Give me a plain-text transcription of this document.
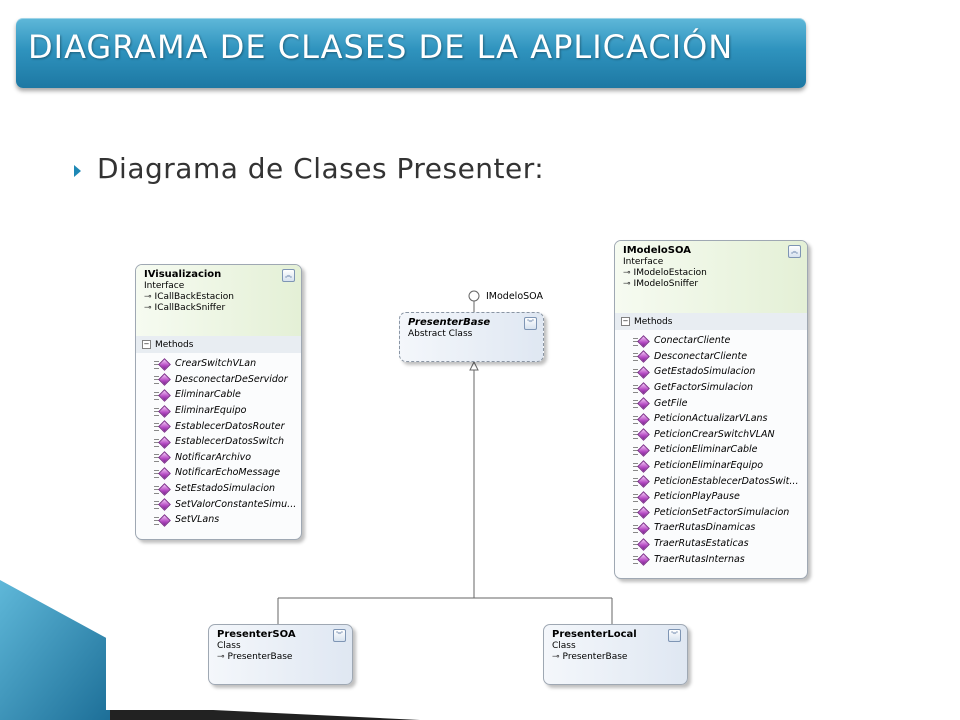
DIAGRAMA DE CLASES DE LA APLICACIÓN
Diagrama de Clases Presenter:
IModeloSOA
IVisualizacion
Interface
⊸ ICallBackEstacion
⊸ ICallBackSniffer
︽
− Methods
CrearSwitchVLan
DesconectarDeServidor
EliminarCable
EliminarEquipo
EstablecerDatosRouter
EstablecerDatosSwitch
NotificarArchivo
NotificarEchoMessage
SetEstadoSimulacion
SetValorConstanteSimu...
SetVLans
IModeloSOA
Interface
⊸ IModeloEstacion
⊸ IModeloSniffer
︽
− Methods
ConectarCliente
DesconectarCliente
GetEstadoSimulacion
GetFactorSimulacion
GetFile
PeticionActualizarVLans
PeticionCrearSwitchVLAN
PeticionEliminarCable
PeticionEliminarEquipo
PeticionEstablecerDatosSwit...
PeticionPlayPause
PeticionSetFactorSimulacion
TraerRutasDinamicas
TraerRutasEstaticas
TraerRutasInternas
PresenterBase
Abstract Class
︾
PresenterSOA
Class
⊸ PresenterBase
︾	PresenterLocal
Class
⊸ PresenterBase
︾
